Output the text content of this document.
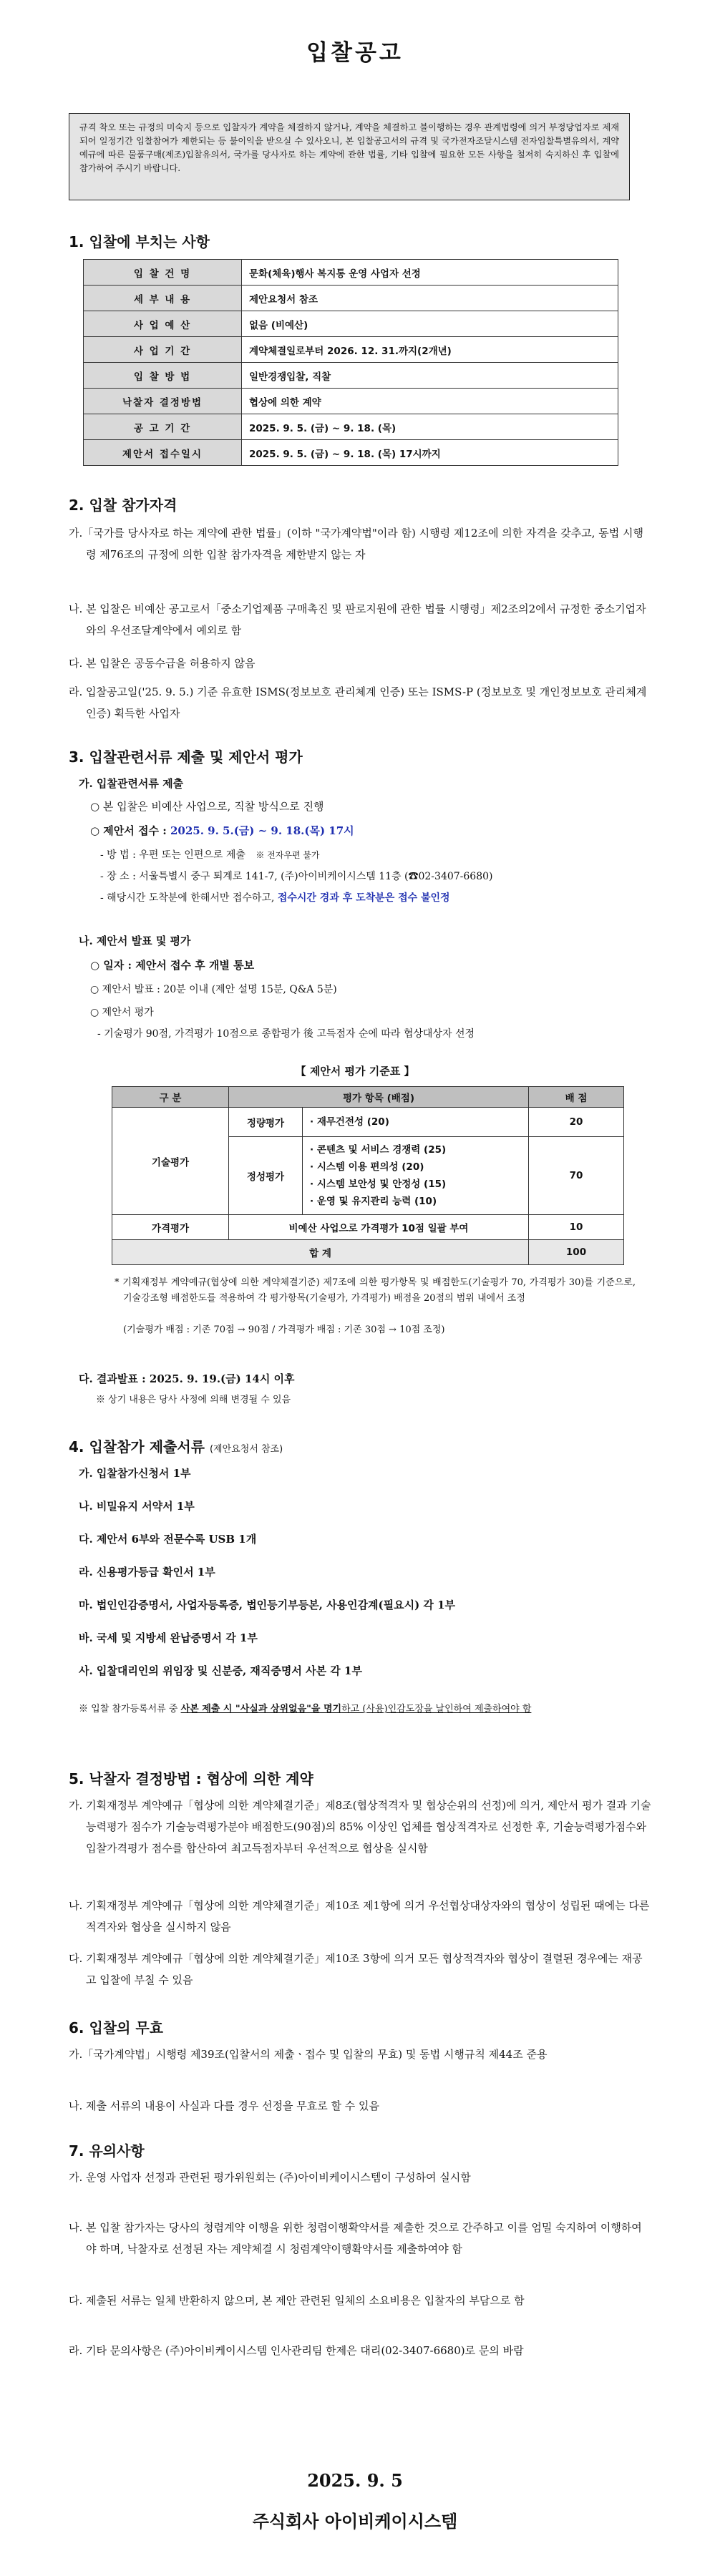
입찰공고
규격 착오 또는 규정의 미숙지 등으로 입찰자가 계약을 체결하지 않거나, 계약을 체결하고 불이행하는 경우 관계법령에 의거 부정당업자로 제재되어 일정기간 입찰참여가 제한되는 등 불이익을 받으실 수 있사오니, 본 입찰공고서의 규격 및 국가전자조달시스템 전자입찰특별유의서, 계약예규에 따른 물품구매(제조)입찰유의서, 국가를 당사자로 하는 계약에 관한 법률, 기타 입찰에 필요한 모든 사항을 철저히 숙지하신 후 입찰에 참가하여 주시기 바랍니다.
1. 입찰에 부치는 사항
입 찰 건 명	문화(체육)행사 복지통 운영 사업자 선정
세 부 내 용	제안요청서 참조
사 업 예 산	없음 (비예산)
사 업 기 간	계약체결일로부터 2026. 12. 31.까지(2개년)
입 찰 방 법	일반경쟁입찰, 직찰
낙찰자 결정방법	협상에 의한 계약
공 고 기 간	2025. 9. 5. (금) ~ 9. 18. (목)
제안서 접수일시	2025. 9. 5. (금) ~ 9. 18. (목) 17시까지
2. 입찰 참가자격
가.「국가를 당사자로 하는 계약에 관한 법률」(이하 "국가계약법"이라 함) 시행령 제12조에 의한 자격을 갖추고, 동법 시행령 제76조의 규정에 의한 입찰 참가자격을 제한받지 않는 자
나. 본 입찰은 비예산 공고로서「중소기업제품 구매촉진 및 판로지원에 관한 법률 시행령」제2조의2에서 규정한 중소기업자와의 우선조달계약에서 예외로 함
다. 본 입찰은 공동수급을 허용하지 않음
라. 입찰공고일('25. 9. 5.) 기준 유효한 ISMS(정보보호 관리체계 인증) 또는 ISMS-P (정보보호 및 개인정보보호 관리체계 인증) 획득한 사업자
3. 입찰관련서류 제출 및 제안서 평가
가. 입찰관련서류 제출
○ 본 입찰은 비예산 사업으로, 직찰 방식으로 진행
○ 제안서 접수 : 2025. 9. 5.(금) ~ 9. 18.(목) 17시
- 방 법 : 우편 또는 인편으로 제출 ※ 전자우편 불가
- 장 소 : 서울특별시 중구 퇴계로 141-7, (주)아이비케이시스템 11층 (☎02-3407-6680)
- 해당시간 도착분에 한해서만 접수하고, 접수시간 경과 후 도착분은 접수 불인정
나. 제안서 발표 및 평가
○ 일자 : 제안서 접수 후 개별 통보
○ 제안서 발표 : 20분 이내 (제안 설명 15분, Q&A 5분)
○ 제안서 평가
- 기술평가 90점, 가격평가 10점으로 종합평가 後 고득점자 순에 따라 협상대상자 선정
【 제안서 평가 기준표 】
구 분	평가 항목 (배점)		배 점
기술평가	정량평가	· 재무건전성 (20)	20
	정성평가	· 콘텐츠 및 서비스 경쟁력 (25)
· 시스템 이용 편의성 (20)
· 시스템 보안성 및 안정성 (15)
· 운영 및 유지관리 능력 (10)	70
가격평가	비예산 사업으로 가격평가 10점 일괄 부여		10
합 계			100
* 기획재정부 계약예규(협상에 의한 계약체결기준) 제7조에 의한 평가항목 및 배점한도(기술평가 70, 가격평가 30)를 기준으로, 기술강조형 배점한도를 적용하여 각 평가항목(기술평가, 가격평가) 배점을 20점의 범위 내에서 조정
(기술평가 배점 : 기존 70점 → 90점 / 가격평가 배점 : 기존 30점 → 10점 조정)
다. 결과발표 : 2025. 9. 19.(금) 14시 이후
※ 상기 내용은 당사 사정에 의해 변경될 수 있음
4. 입찰참가 제출서류 (제안요청서 참조)
가. 입찰참가신청서 1부
나. 비밀유지 서약서 1부
다. 제안서 6부와 전문수록 USB 1개
라. 신용평가등급 확인서 1부
마. 법인인감증명서, 사업자등록증, 법인등기부등본, 사용인감계(필요시) 각 1부
바. 국세 및 지방세 완납증명서 각 1부
사. 입찰대리인의 위임장 및 신분증, 재직증명서 사본 각 1부
※ 입찰 참가등록서류 중 사본 제출 시 "사실과 상위없음"을 명기하고 (사용)인감도장을 날인하여 제출하여야 함
5. 낙찰자 결정방법 : 협상에 의한 계약
가. 기획재정부 계약예규「협상에 의한 계약체결기준」제8조(협상적격자 및 협상순위의 선정)에 의거, 제안서 평가 결과 기술능력평가 점수가 기술능력평가분야 배점한도(90점)의 85% 이상인 업체를 협상적격자로 선정한 후, 기술능력평가점수와 입찰가격평가 점수를 합산하여 최고득점자부터 우선적으로 협상을 실시함
나. 기획재정부 계약예규「협상에 의한 계약체결기준」제10조 제1항에 의거 우선협상대상자와의 협상이 성립된 때에는 다른 적격자와 협상을 실시하지 않음
다. 기획재정부 계약예규「협상에 의한 계약체결기준」제10조 3항에 의거 모든 협상적격자와 협상이 결렬된 경우에는 재공고 입찰에 부칠 수 있음
6. 입찰의 무효
가.「국가계약법」시행령 제39조(입찰서의 제출ㆍ접수 및 입찰의 무효) 및 동법 시행규칙 제44조 준용
나. 제출 서류의 내용이 사실과 다를 경우 선정을 무효로 할 수 있음
7. 유의사항
가. 운영 사업자 선정과 관련된 평가위원회는 (주)아이비케이시스템이 구성하여 실시함
나. 본 입찰 참가자는 당사의 청렴계약 이행을 위한 청렴이행확약서를 제출한 것으로 간주하고 이를 엄밀 숙지하여 이행하여야 하며, 낙찰자로 선정된 자는 계약체결 시 청렴계약이행확약서를 제출하여야 함
다. 제출된 서류는 일체 반환하지 않으며, 본 제안 관련된 일체의 소요비용은 입찰자의 부담으로 함
라. 기타 문의사항은 (주)아이비케이시스템 인사관리팀 한제은 대리(02-3407-6680)로 문의 바람
2025. 9. 5
주식회사 아이비케이시스템
